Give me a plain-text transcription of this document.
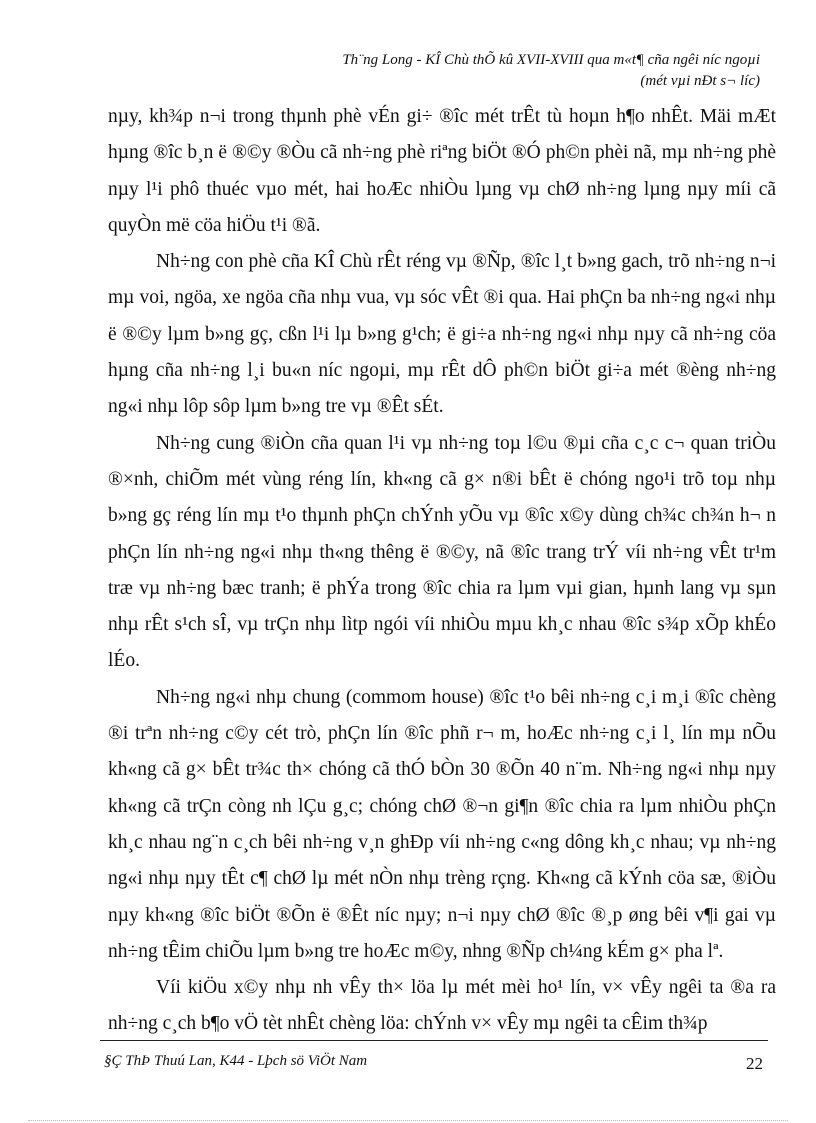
Th¨ng Long - KÎ Chù thÕ kû XVII-XVIII qua m«t¶ cña ngêi níc ngoµi
(mét vµi nÐt s¬ líc)

nµy, kh¾p n¬i trong thµnh phè vÉn gi÷ ®îc mét trÊt tù hoµn h¶o nhÊt. Mäi mÆt hµng ®îc b¸n ë ®©y ®Òu cã nh÷ng phè riªng biÖt ®Ó ph©n phèi nã, mµ nh÷ng phè nµy l¹i phô thuéc vµo mét, hai hoÆc nhiÒu lµng vµ chØ nh÷ng lµng nµy míi cã quyÒn më cöa hiÖu t¹i ®ã.

Nh÷ng con phè cña KÎ Chù rÊt réng vµ ®Ñp, ®îc l¸t b»ng gach, trõ nh÷ng n¬i mµ voi, ngöa, xe ngöa cña nhµ vua, vµ sóc vÊt ®i qua. Hai phÇn ba nh÷ng ng«i nhµ ë ®©y lµm b»ng gç, cßn l¹i lµ b»ng g¹ch; ë gi÷a nh÷ng ng«i nhµ nµy cã nh÷ng cöa hµng cña nh÷ng l¸i bu«n níc ngoµi, mµ rÊt dÔ ph©n biÖt gi÷a mét ®èng nh÷ng ng«i nhµ lôp sôp lµm b»ng tre vµ ®Êt sÉt.

Nh÷ng cung ®iÒn cña quan l¹i vµ nh÷ng toµ l©u ®µi cña c¸c c¬ quan triÒu ®×nh, chiÕm mét vùng réng lín, kh«ng cã g× n®i bÊt ë chóng ngo¹i trõ toµ nhµ b»ng gç réng lín mµ t¹o thµnh phÇn chÝnh yÕu vµ ®îc x©y dùng ch¾c ch¾n h¬ n phÇn lín nh÷ng ng«i nhµ th«ng thêng ë ®©y, nã ®îc trang trÝ víi nh÷ng vÊt tr¹m træ vµ nh÷ng bæc tranh; ë phÝa trong ®îc chia ra lµm vµi gian, hµnh lang vµ sµn nhµ rÊt s¹ch sÎ, vµ trÇn nhµ lìtp ngói víi nhiÒu mµu kh¸c nhau ®îc s¾p xÕp khÉo lÉo.

Nh÷ng ng«i nhµ chung (commom house) ®îc t¹o bêi nh÷ng c¸i m¸i ®îc chèng ®i trªn nh÷ng c©y cét trò, phÇn lín ®îc phñ r¬ m, hoÆc nh÷ng c¸i l¸ lín mµ nÕu kh«ng cã g× bÊt tr¾c th× chóng cã thÓ bÒn 30 ®Õn 40 n¨m. Nh÷ng ng«i nhµ nµy kh«ng cã trÇn còng nh lÇu g¸c; chóng chØ ®¬n gi¶n ®îc chia ra lµm nhiÒu phÇn kh¸c nhau ng¨n c¸ch bêi nh÷ng v¸n ghÐp víi nh÷ng c«ng dông kh¸c nhau; vµ nh÷ng ng«i nhµ nµy tÊt c¶ chØ lµ mét nÒn nhµ trèng rçng. Kh«ng cã kÝnh cöa sæ, ®iÒu nµy kh«ng ®îc biÖt ®Õn ë ®Êt níc nµy; n¬i nµy chØ ®îc ®¸p øng bêi v¶i gai vµ nh÷ng tÊim chiÕu lµm b»ng tre hoÆc m©y, nhng ®Ñp ch¼ng kÉm g× pha lª.

Víi kiÖu x©y nhµ nh vÊy th× löa lµ mét mèi ho¹ lín, v× vÊy ngêi ta ®a ra nh÷ng c¸ch b¶o vÖ tèt nhÊt chèng löa: chÝnh v× vÊy mµ ngêi ta cÊim th¾p

§Ç ThÞ Thuú Lan, K44 - Lþch sö ViÖt Nam	22
